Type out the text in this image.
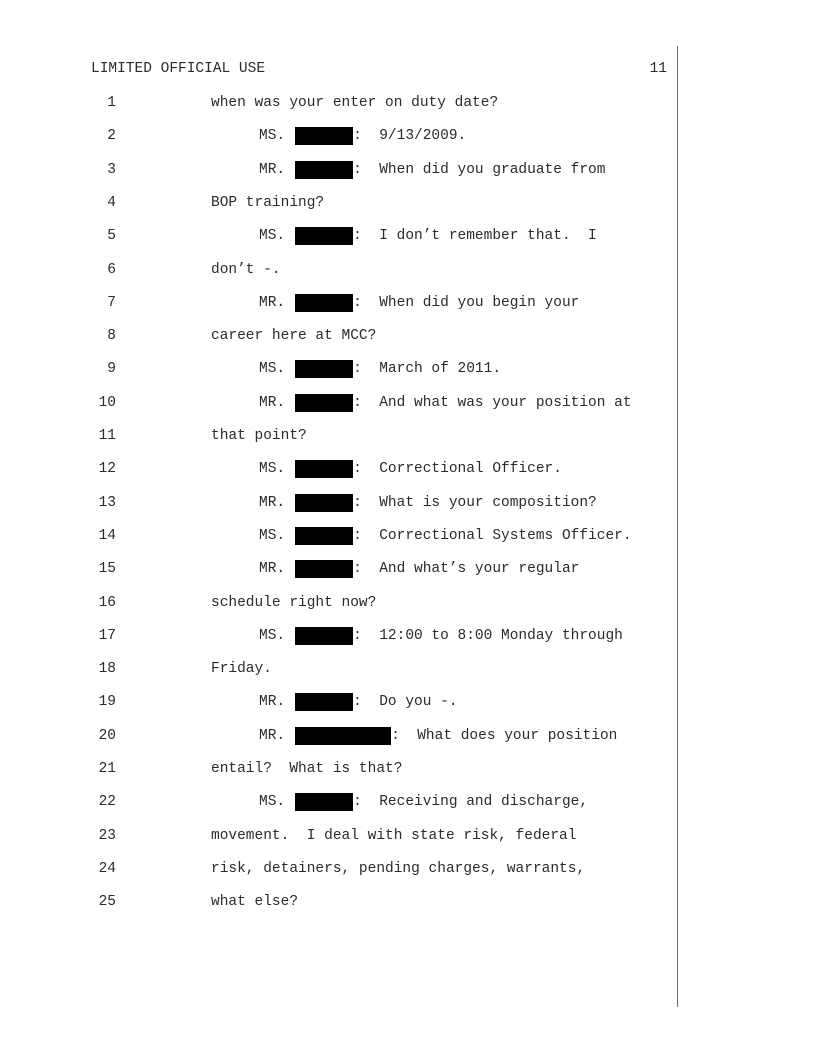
LIMITED OFFICIAL USE	11
1	when was your enter on duty date?
2	MS.	:  9/13/2009.
3	MR.	:  When did you graduate from
4	BOP training?
5	MS.	:  I don’t remember that.  I
6	don’t -.
7	MR.	:  When did you begin your
8	career here at MCC?
9	MS.	:  March of 2011.
10	MR.	:  And what was your position at
11	that point?
12	MS.	:  Correctional Officer.
13	MR.	:  What is your composition?
14	MS.	:  Correctional Systems Officer.
15	MR.	:  And what’s your regular
16	schedule right now?
17	MS.	:  12:00 to 8:00 Monday through
18	Friday.
19	MR.	:  Do you -.
20	MR.	:  What does your position
21	entail?  What is that?
22	MS.	:  Receiving and discharge,
23	movement.  I deal with state risk, federal
24	risk, detainers, pending charges, warrants,
25	what else?
